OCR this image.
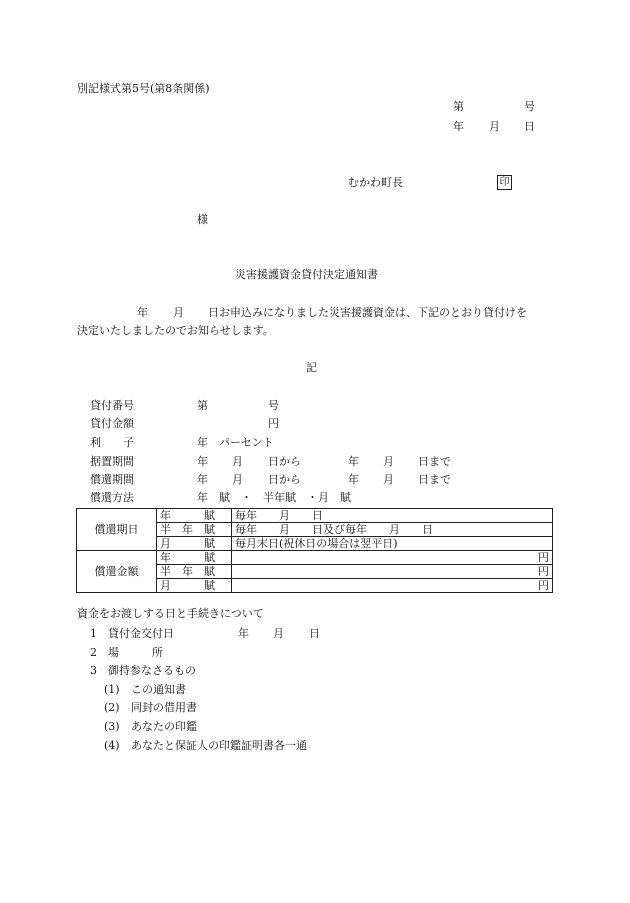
別記様式第5号(第8条関係)
第	号
年 月 日
むかわ町長	印
様
災害援護資金貸付決定通知書
年 月 日お申込みになりました災害援護資金は、下記のとおり貸付けを
決定いたしましたのでお知らせします。
記
貸付番号	第	号
貸付金額	円
利　　子	年　パーセント
据置期間	年 月 日から	年 月 日まで
償還期間	年 月 日から	年 月 日まで
償還方法	年　賦　・　半年賦　・月　賦
償還期日	年　　　賦	毎年　　月　　日
	半　年　賦	毎年　　月　　日及び毎年　　月　　日
	月　　　賦	毎月末日(祝休日の場合は翌平日)
償還金額	年　　　賦	円
	半　年　賦	円
	月　　　賦	円
資金をお渡しする日と手続きについて
1 貸付金交付日	年 月 日
2 場　　　所
3 御持参なさるもの
(1) この通知書
(2) 同封の借用書
(3) あなたの印鑑
(4) あなたと保証人の印鑑証明書各一通
